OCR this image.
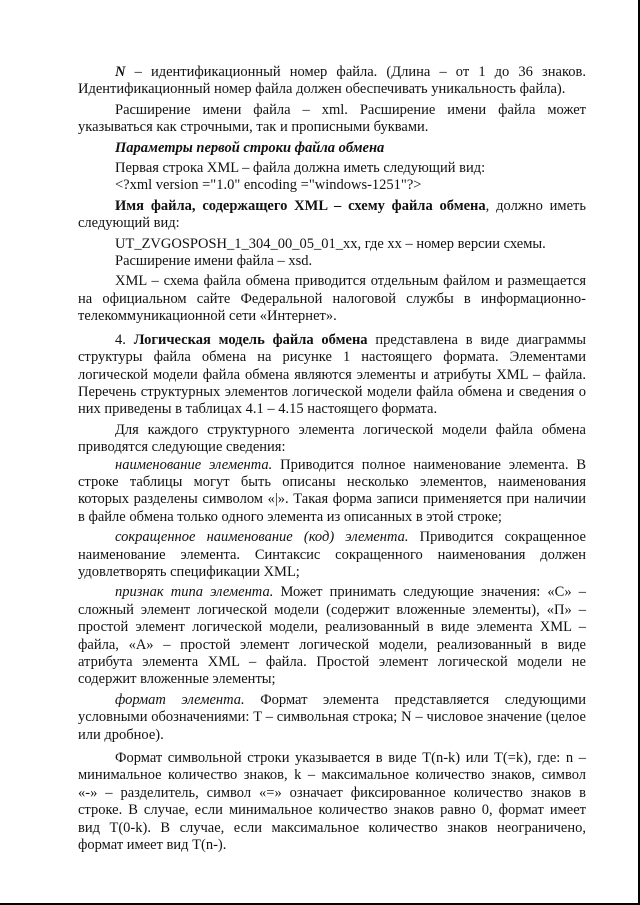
N – идентификационный номер файла. (Длина – от 1 до 36 знаков. Идентификационный номер файла должен обеспечивать уникальность файла).

Расширение имени файла – xml. Расширение имени файла может указываться как строчными, так и прописными буквами.

Параметры первой строки файла обмена

Первая строка XML – файла должна иметь следующий вид:

<?xml version ="1.0" encoding ="windows-1251"?>

Имя файла, содержащего XML – схему файла обмена, должно иметь следующий вид:

UT_ZVGOSPOSH_1_304_00_05_01_xx, где хх – номер версии схемы.

Расширение имени файла – xsd.

XML – схема файла обмена приводится отдельным файлом и размещается на официальном сайте Федеральной налоговой службы в информационно-телекоммуникационной сети «Интернет».

4. Логическая модель файла обмена представлена в виде диаграммы структуры файла обмена на рисунке 1 настоящего формата. Элементами логической модели файла обмена являются элементы и атрибуты XML – файла. Перечень структурных элементов логической модели файла обмена и сведения о них приведены в таблицах 4.1 – 4.15 настоящего формата.

Для каждого структурного элемента логической модели файла обмена приводятся следующие сведения:

наименование элемента. Приводится полное наименование элемента. В строке таблицы могут быть описаны несколько элементов, наименования которых разделены символом «|». Такая форма записи применяется при наличии в файле обмена только одного элемента из описанных в этой строке;

сокращенное наименование (код) элемента. Приводится сокращенное наименование элемента. Синтаксис сокращенного наименования должен удовлетворять спецификации XML;

признак типа элемента. Может принимать следующие значения: «С» – сложный элемент логической модели (содержит вложенные элементы), «П» – простой элемент логической модели, реализованный в виде элемента XML – файла, «А» – простой элемент логической модели, реализованный в виде атрибута элемента XML – файла. Простой элемент логической модели не содержит вложенные элементы;

формат элемента. Формат элемента представляется следующими условными обозначениями: T – символьная строка; N – числовое значение (целое или дробное).

Формат символьной строки указывается в виде T(n-k) или T(=k), где: n – минимальное количество знаков, k – максимальное количество знаков, символ «-» – разделитель, символ «=» означает фиксированное количество знаков в строке. В случае, если минимальное количество знаков равно 0, формат имеет вид T(0-k). В случае, если максимальное количество знаков неограничено, формат имеет вид T(n-).
